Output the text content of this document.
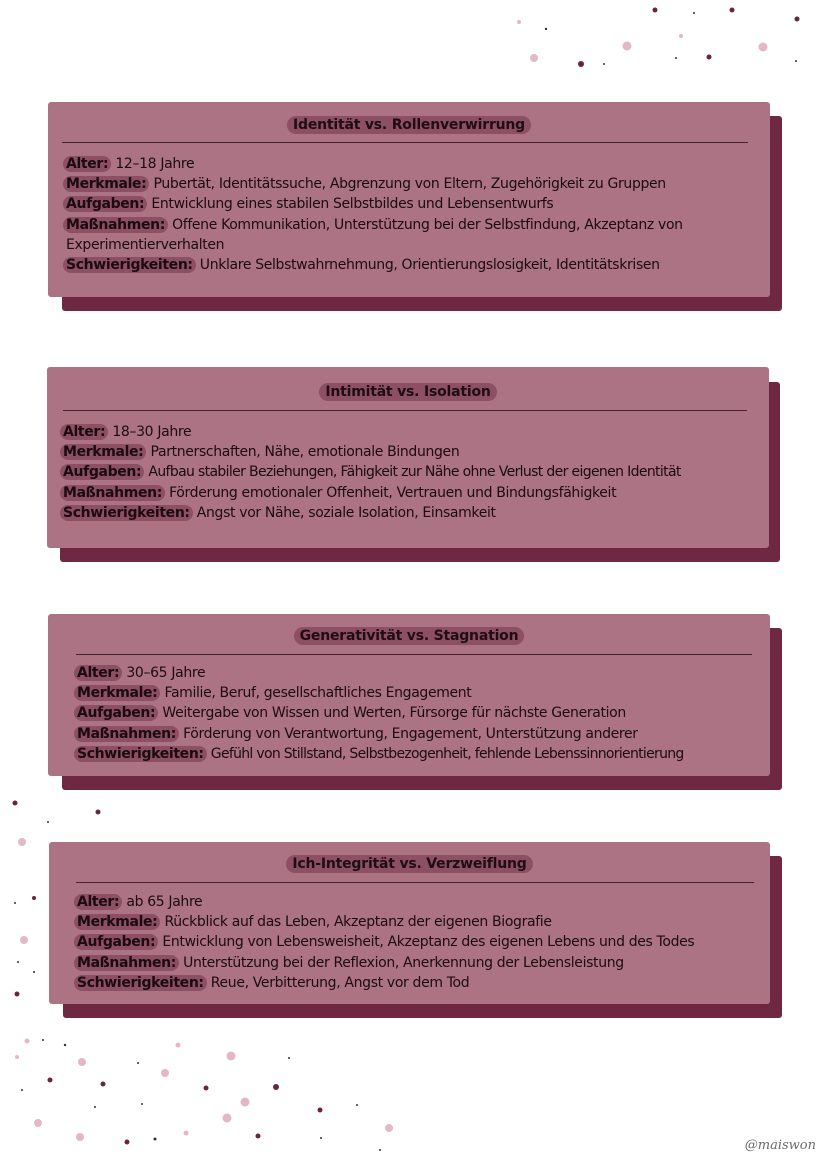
Identität vs. Rollenverwirrung
Alter: 12–18 Jahre
Merkmale: Pubertät, Identitätssuche, Abgrenzung von Eltern, Zugehörigkeit zu Gruppen
Aufgaben: Entwicklung eines stabilen Selbstbildes und Lebensentwurfs
Maßnahmen: Offene Kommunikation, Unterstützung bei der Selbstfindung, Akzeptanz von Experimentierverhalten
Schwierigkeiten: Unklare Selbstwahrnehmung, Orientierungslosigkeit, Identitätskrisen
Intimität vs. Isolation
Alter: 18–30 Jahre
Merkmale: Partnerschaften, Nähe, emotionale Bindungen
Aufgaben: Aufbau stabiler Beziehungen, Fähigkeit zur Nähe ohne Verlust der eigenen Identität
Maßnahmen: Förderung emotionaler Offenheit, Vertrauen und Bindungsfähigkeit
Schwierigkeiten: Angst vor Nähe, soziale Isolation, Einsamkeit
Generativität vs. Stagnation
Alter: 30–65 Jahre
Merkmale: Familie, Beruf, gesellschaftliches Engagement
Aufgaben: Weitergabe von Wissen und Werten, Fürsorge für nächste Generation
Maßnahmen: Förderung von Verantwortung, Engagement, Unterstützung anderer
Schwierigkeiten: Gefühl von Stillstand, Selbstbezogenheit, fehlende Lebenssinnorientierung
Ich-Integrität vs. Verzweiflung
Alter: ab 65 Jahre
Merkmale: Rückblick auf das Leben, Akzeptanz der eigenen Biografie
Aufgaben: Entwicklung von Lebensweisheit, Akzeptanz des eigenen Lebens und des Todes
Maßnahmen: Unterstützung bei der Reflexion, Anerkennung der Lebensleistung
Schwierigkeiten: Reue, Verbitterung, Angst vor dem Tod
@maiswon
